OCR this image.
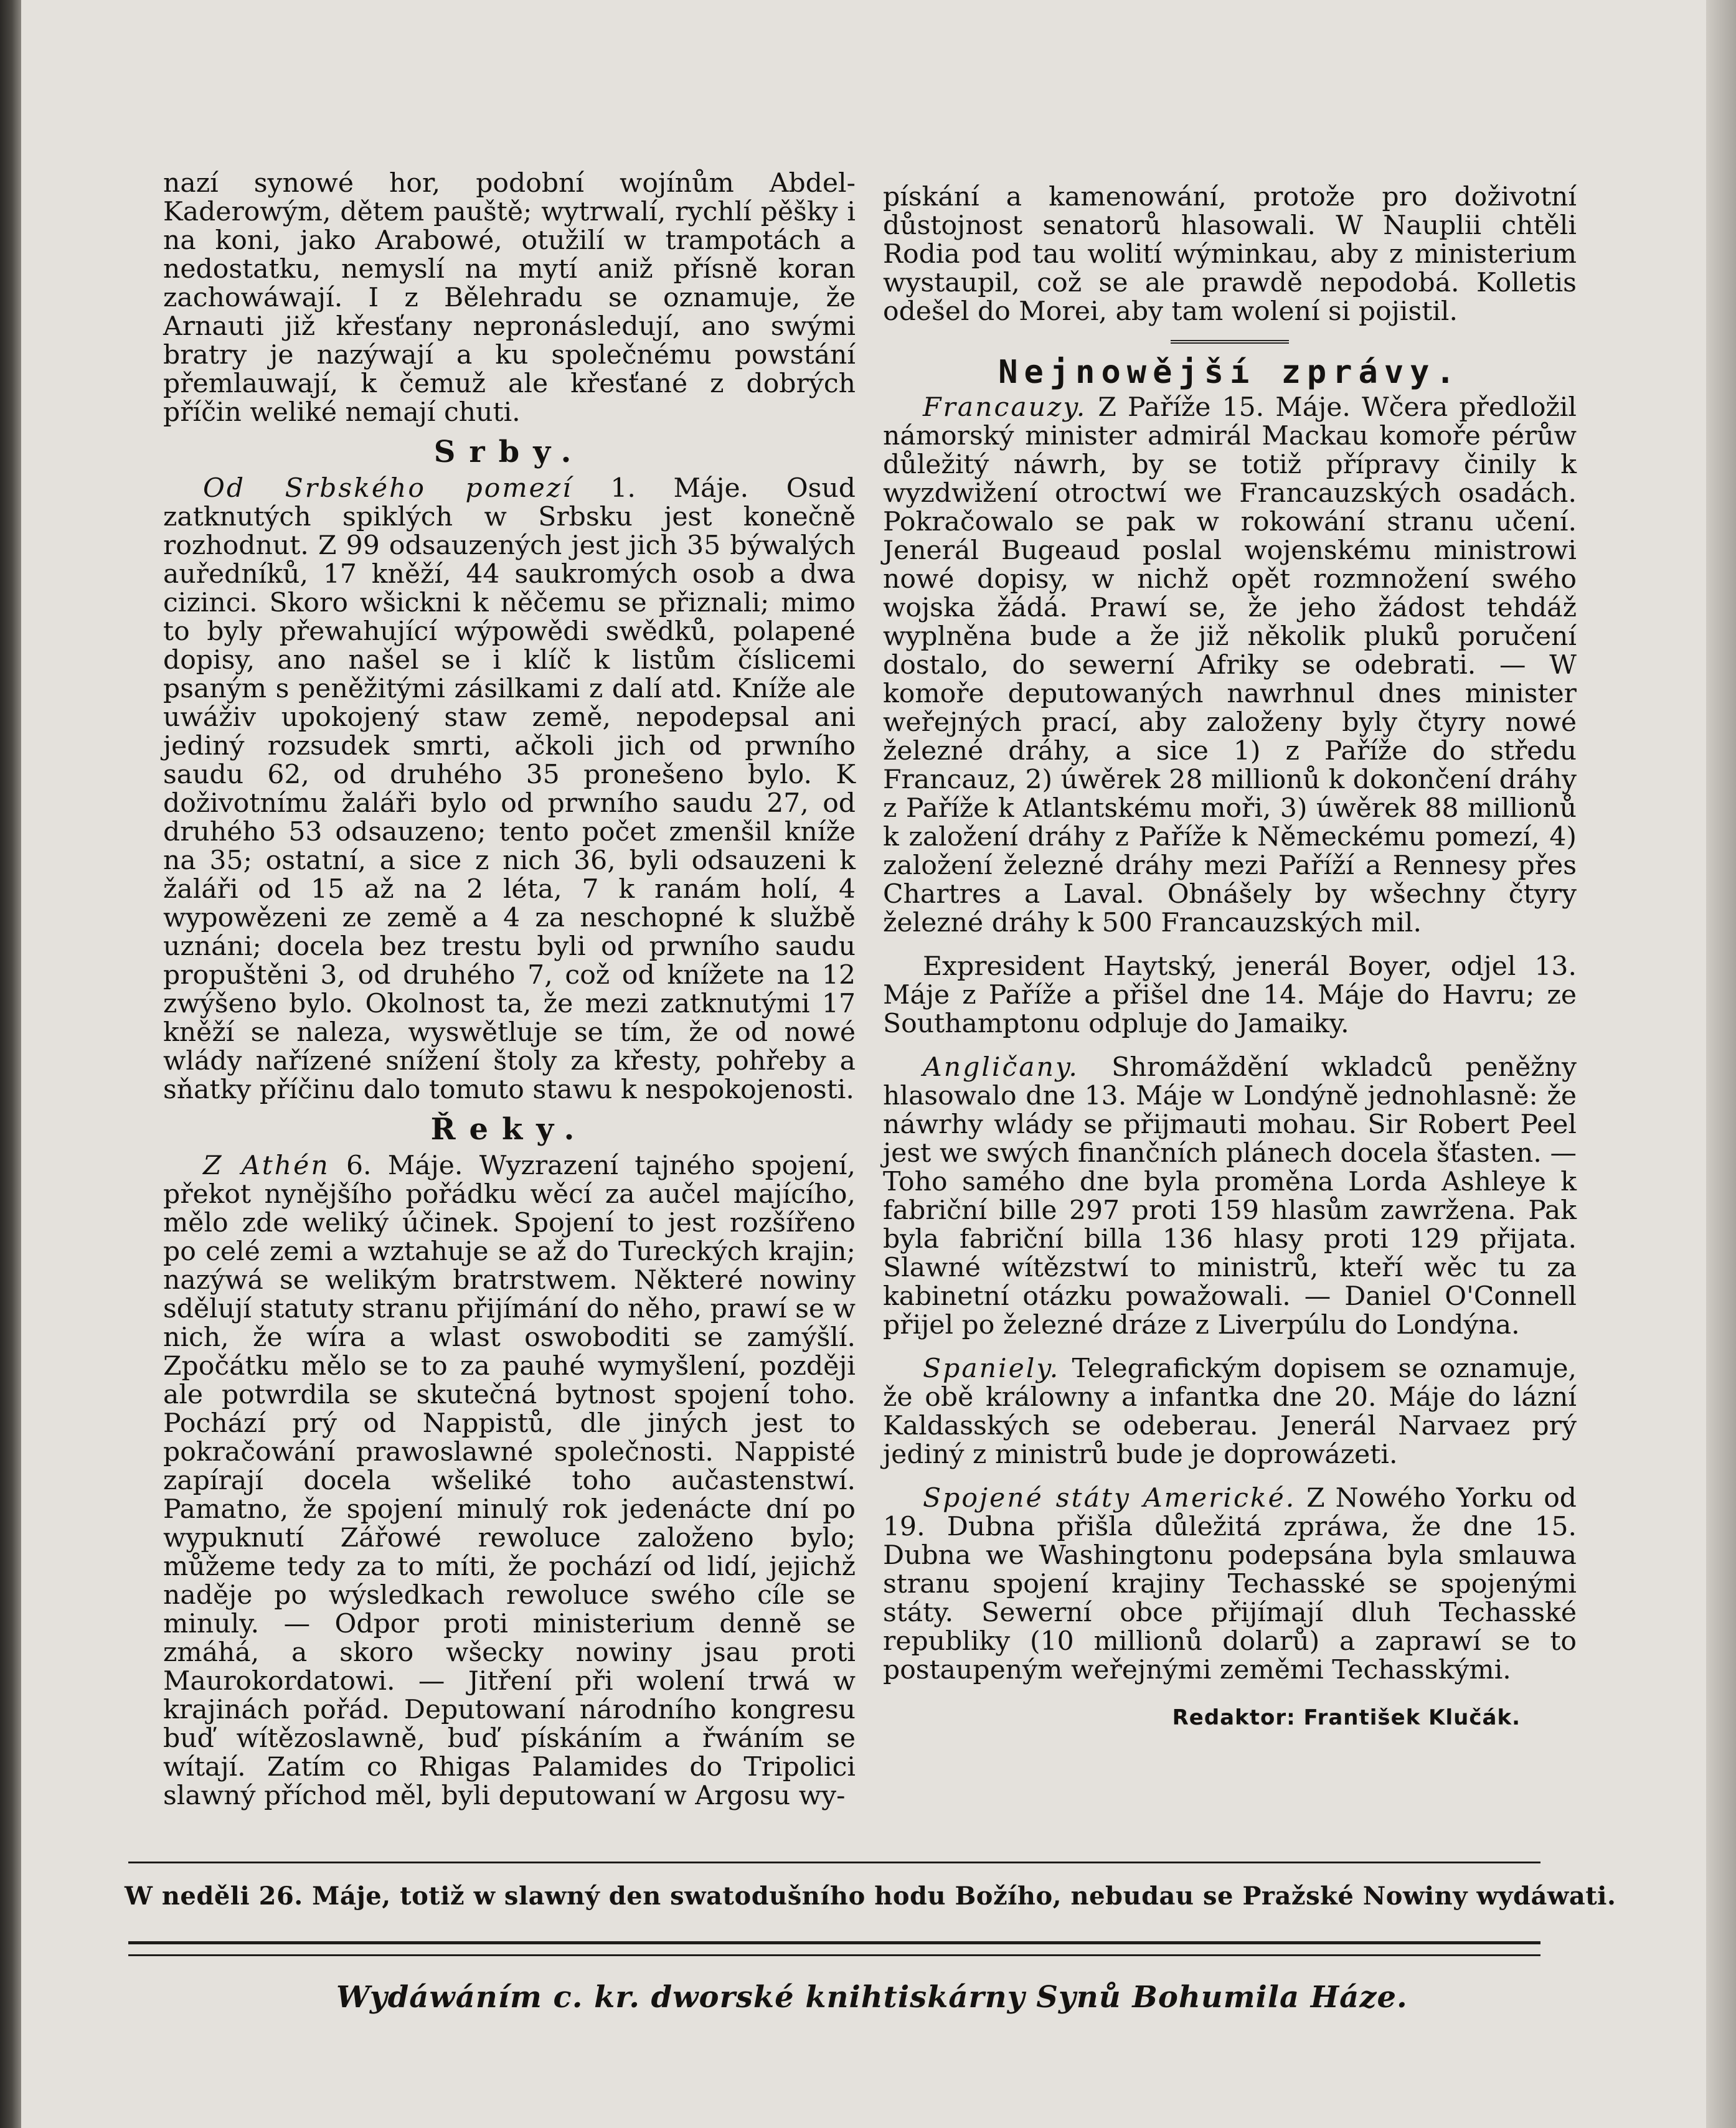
nazí synowé hor, podobní wojínům Abdel-Kaderowým, dětem pauště; wytrwalí, rychlí pěšky i na koni, jako Arabowé, otužilí w trampotách a nedostatku, nemyslí na mytí aniž přísně koran zachowáwají. I z Bělehradu se oznamuje, že Arnauti již křesťany nepronásledují, ano swými bratry je nazýwají a ku společnému powstání přemlauwají, k čemuž ale křesťané z dobrých příčin weliké nemají chuti.

Srby.

Od Srbského pomezí 1. Máje. Osud zatknutých spiklých w Srbsku jest konečně rozhodnut. Z 99 odsauzených jest jich 35 býwalých auředníků, 17 kněží, 44 saukromých osob a dwa cizinci. Skoro wšickni k něčemu se přiznali; mimo to byly přewahující wýpowědi swědků, polapené dopisy, ano našel se i klíč k listům číslicemi psaným s peněžitými zásilkami z dalí atd. Kníže ale uwáživ upokojený staw země, nepodepsal ani jediný rozsudek smrti, ačkoli jich od prwního saudu 62, od druhého 35 pronešeno bylo. K doživotnímu žaláři bylo od prwního saudu 27, od druhého 53 odsauzeno; tento počet zmenšil kníže na 35; ostatní, a sice z nich 36, byli odsauzeni k žaláři od 15 až na 2 léta, 7 k ranám holí, 4 wypowězeni ze země a 4 za neschopné k službě uznáni; docela bez trestu byli od prwního saudu propuštěni 3, od druhého 7, což od knížete na 12 zwýšeno bylo. Okolnost ta, že mezi zatknutými 17 kněží se naleza, wyswětluje se tím, že od nowé wlády nařízené snížení štoly za křesty, pohřeby a sňatky příčinu dalo tomuto stawu k nespokojenosti.

Řeky.

Z Athén 6. Máje. Wyzrazení tajného spojení, překot nynějšího pořádku wěcí za aučel majícího, mělo zde weliký účinek. Spojení to jest rozšířeno po celé zemi a wztahuje se až do Tureckých krajin; nazýwá se welikým bratrstwem. Některé nowiny sdělují statuty stranu přijímání do něho, prawí se w nich, že wíra a wlast oswoboditi se zamýšlí. Zpočátku mělo se to za pauhé wymyšlení, později ale potwrdila se skutečná bytnost spojení toho. Pochází prý od Nappistů, dle jiných jest to pokračowání prawoslawné společnosti. Nappisté zapírají docela wšeliké toho aučastenstwí. Pamatno, že spojení minulý rok jedenácte dní po wypuknutí Zářowé rewoluce založeno bylo; můžeme tedy za to míti, že pochází od lidí, jejichž naděje po wýsledkach rewoluce swého cíle se minuly. — Odpor proti ministerium denně se zmáhá, a skoro wšecky nowiny jsau proti Maurokordatowi. — Jitření při wolení trwá w krajinách pořád. Deputowaní národního kongresu buď wítězoslawně, buď pískáním a řwáním se wítají. Zatím co Rhigas Palamides do Tripolici slawný příchod měl, byli deputowaní w Argosu wy-

pískání a kamenowání, protože pro doživotní důstojnost senatorů hlasowali. W Nauplii chtěli Rodia pod tau wolití wýminkau, aby z ministerium wystaupil, což se ale prawdě nepodobá. Kolletis odešel do Morei, aby tam wolení si pojistil.

Nejnowější zprávy.

Francauzy. Z Paříže 15. Máje. Wčera předložil námorský minister admirál Mackau komoře pérůw důležitý náwrh, by se totiž přípravy činily k wyzdwižení otroctwí we Francauzských osadách. Pokračowalo se pak w rokowání stranu učení. Jenerál Bugeaud poslal wojenskému ministrowi nowé dopisy, w nichž opět rozmnožení swého wojska žádá. Prawí se, že jeho žádost tehdáž wyplněna bude a že již několik pluků poručení dostalo, do sewerní Afriky se odebrati. — W komoře deputowaných nawrhnul dnes minister weřejných prací, aby založeny byly čtyry nowé železné dráhy, a sice 1) z Paříže do středu Francauz, 2) úwěrek 28 millionů k dokončení dráhy z Paříže k Atlantskému moři, 3) úwěrek 88 millionů k založení dráhy z Paříže k Německému pomezí, 4) založení železné dráhy mezi Paříží a Rennesy přes Chartres a Laval. Obnášely by wšechny čtyry železné dráhy k 500 Francauzských mil.

Expresident Haytský, jenerál Boyer, odjel 13. Máje z Paříže a přišel dne 14. Máje do Havru; ze Southamptonu odpluje do Jamaiky.

Angličany. Shromáždění wkladců peněžny hlasowalo dne 13. Máje w Londýně jednohlasně: že náwrhy wlády se přijmauti mohau. Sir Robert Peel jest we swých finančních plánech docela šťasten. — Toho samého dne byla proměna Lorda Ashleye k fabriční bille 297 proti 159 hlasům zawržena. Pak byla fabriční billa 136 hlasy proti 129 přijata. Slawné wítězstwí to ministrů, kteří wěc tu za kabinetní otázku powažowali. — Daniel O'Connell přijel po železné dráze z Liverpúlu do Londýna.

Spaniely. Telegrafickým dopisem se oznamuje, že obě králowny a infantka dne 20. Máje do lázní Kaldasských se odeberau. Jenerál Narvaez prý jediný z ministrů bude je doprowázeti.

Spojené státy Americké. Z Nowého Yorku od 19. Dubna přišla důležitá zpráwa, že dne 15. Dubna we Washingtonu podepsána byla smlauwa stranu spojení krajiny Techasské se spojenými státy. Sewerní obce přijímají dluh Techasské republiky (10 millionů dolarů) a zaprawí se to postaupeným weřejnými zeměmi Techasskými.

Redaktor: František Klučák.
W neděli 26. Máje, totiž w slawný den swatodušního hodu Božího, nebudau se Pražské Nowiny wydáwati.
Wydáwáním c. kr. dworské knihtiskárny Synů Bohumila Háze.
